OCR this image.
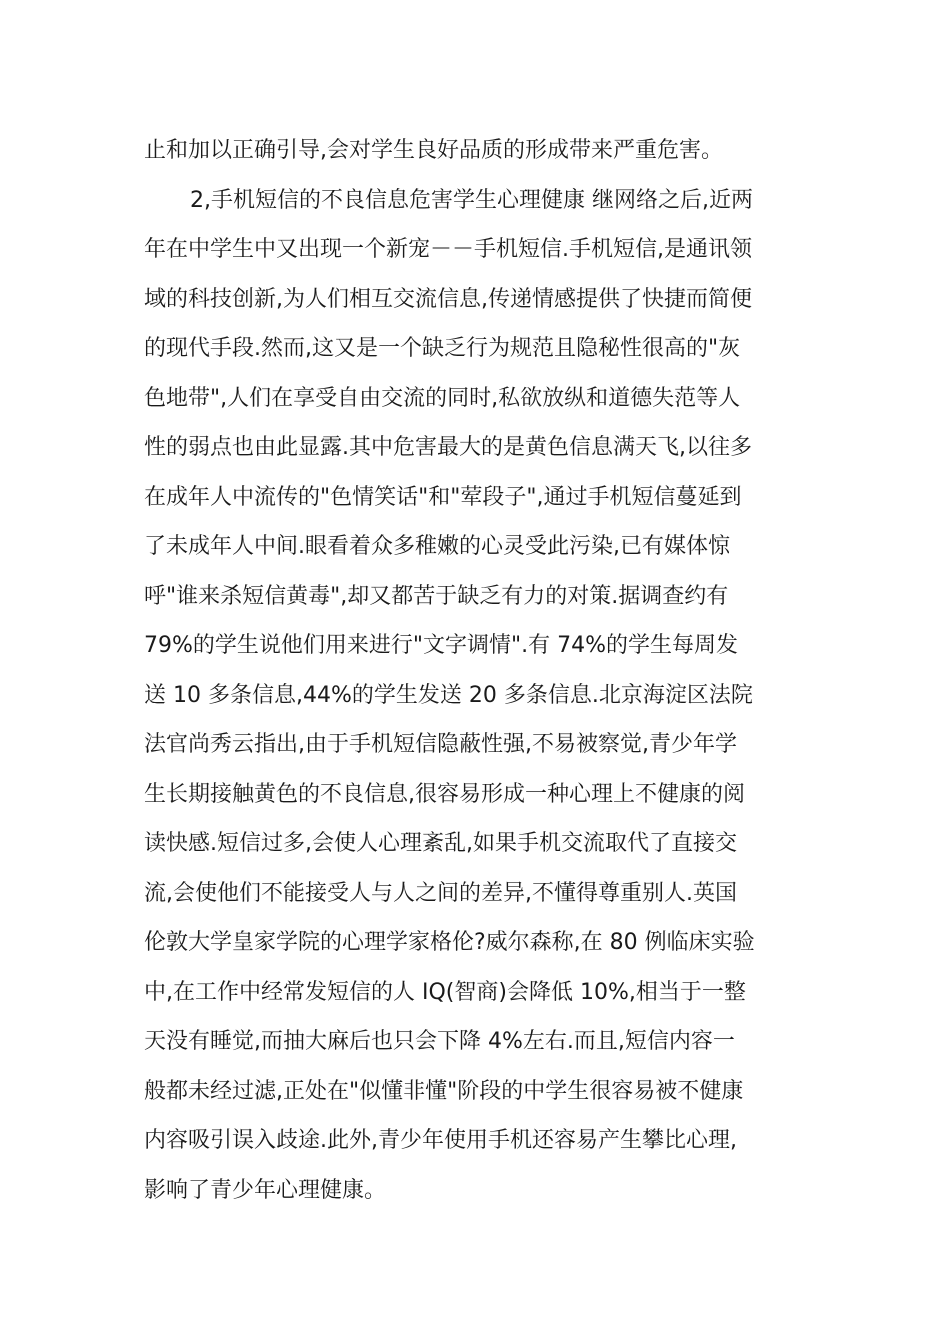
止和加以正确引导,会对学生良好品质的形成带来严重危害。
2,手机短信的不良信息危害学生心理健康 继网络之后,近两
年在中学生中又出现一个新宠－－手机短信.手机短信,是通讯领
域的科技创新,为人们相互交流信息,传递情感提供了快捷而简便
的现代手段.然而,这又是一个缺乏行为规范且隐秘性很高的"灰
色地带",人们在享受自由交流的同时,私欲放纵和道德失范等人
性的弱点也由此显露.其中危害最大的是黄色信息满天飞,以往多
在成年人中流传的"色情笑话"和"荤段子",通过手机短信蔓延到
了未成年人中间.眼看着众多稚嫩的心灵受此污染,已有媒体惊
呼"谁来杀短信黄毒",却又都苦于缺乏有力的对策.据调查约有
79%的学生说他们用来进行"文字调情".有 74%的学生每周发
送 10 多条信息,44%的学生发送 20 多条信息.北京海淀区法院
法官尚秀云指出,由于手机短信隐蔽性强,不易被察觉,青少年学
生长期接触黄色的不良信息,很容易形成一种心理上不健康的阅
读快感.短信过多,会使人心理紊乱,如果手机交流取代了直接交
流,会使他们不能接受人与人之间的差异,不懂得尊重别人.英国
伦敦大学皇家学院的心理学家格伦?威尔森称,在 80 例临床实验
中,在工作中经常发短信的人 IQ(智商)会降低 10%,相当于一整
天没有睡觉,而抽大麻后也只会下降 4%左右.而且,短信内容一
般都未经过滤,正处在"似懂非懂"阶段的中学生很容易被不健康
内容吸引误入歧途.此外,青少年使用手机还容易产生攀比心理,
影响了青少年心理健康。
